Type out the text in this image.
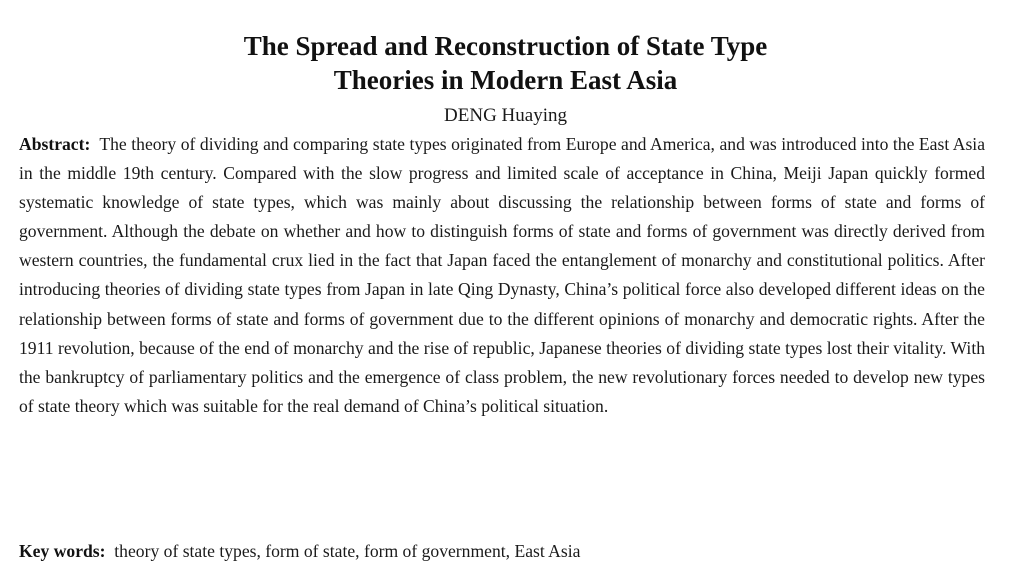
The Spread and Reconstruction of State Type
Theories in Modern East Asia
DENG Huaying

Abstract: The theory of dividing and comparing state types originated from Europe and America, and was introduced into the East Asia in the middle 19th century. Compared with the slow progress and limited scale of acceptance in China, Meiji Japan quickly formed systematic knowledge of state types, which was mainly about discussing the relationship between forms of state and forms of government. Although the debate on whether and how to distinguish forms of state and forms of government was directly derived from western countries, the fundamental crux lied in the fact that Japan faced the entanglement of monarchy and constitutional politics. After introducing theories of dividing state types from Japan in late Qing Dynasty, China’s political force also developed different ideas on the relationship between forms of state and forms of government due to the different opinions of monarchy and democratic rights. After the 1911 revolution, because of the end of monarchy and the rise of republic, Japanese theories of dividing state types lost their vitality. With the bankruptcy of parliamentary politics and the emergence of class problem, the new revolutionary forces needed to develop new types of state theory which was suitable for the real demand of China’s political situation.

Key words: theory of state types, form of state, form of government, East Asia
